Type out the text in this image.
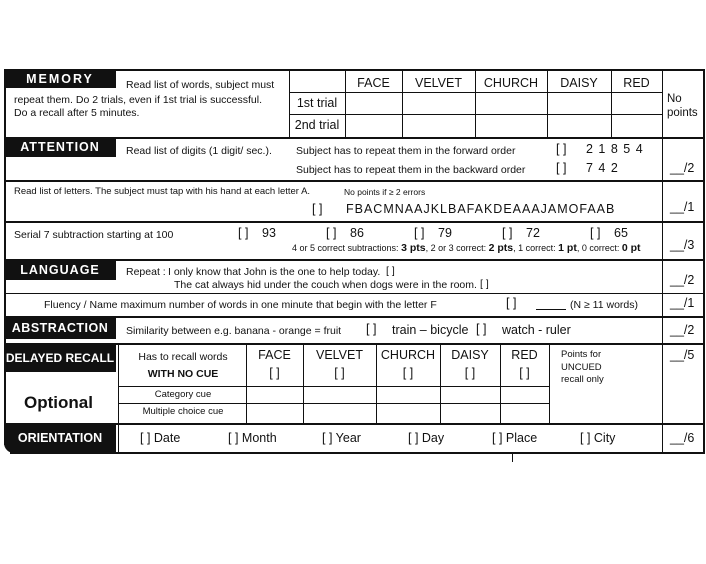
MEMORY	Read list of words, subject must
repeat them. Do 2 trials, even if 1st trial is successful.
Do a recall after 5 minutes.
FACE	VELVET	CHURCH	DAISY	RED
1st trial
2nd trial
No
points
ATTENTION	Read list of digits (1 digit/ sec.). Subject has to repeat them in the forward order	[ ] 2 1 8 5 4
Subject has to repeat them in the backward order [ ] 7 4 2	__/2
Read list of letters. The subject must tap with his hand at each letter A.	No points if ≥ 2 errors
[ ] FBACMNAAJKLBAFAKDEAAAJAMOFAAB	__/1
Serial 7 subtraction starting at 100	[ ] 93	[ ] 86	[ ] 79	[ ] 72	[ ] 65
4 or 5 correct subtractions: 3 pts, 2 or 3 correct: 2 pts, 1 correct: 1 pt, 0 correct: 0 pt __/3
LANGUAGE	Repeat : I only know that John is the one to help today. [ ]
The cat always hid under the couch when dogs were in the room. [ ]	__/2
Fluency / Name maximum number of words in one minute that begin with the letter F	[ ]	(N ≥ 11 words)	__/1
ABSTRACTION	Similarity between e.g. banana - orange = fruit [ ] train – bicycle [ ] watch - ruler	__/2
DELAYED RECALL	Has to recall words
WITH NO CUE
FACE	VELVET	CHURCH	DAISY	RED
[ ]	[ ]	[ ]	[ ]	[ ]
Points for
UNCUED
recall only
__/5
Optional	Category cue
Multiple choice cue
ORIENTATION	[ ] Date	[ ] Month	[ ] Year	[ ] Day	[ ] Place	[ ] City	__/6
